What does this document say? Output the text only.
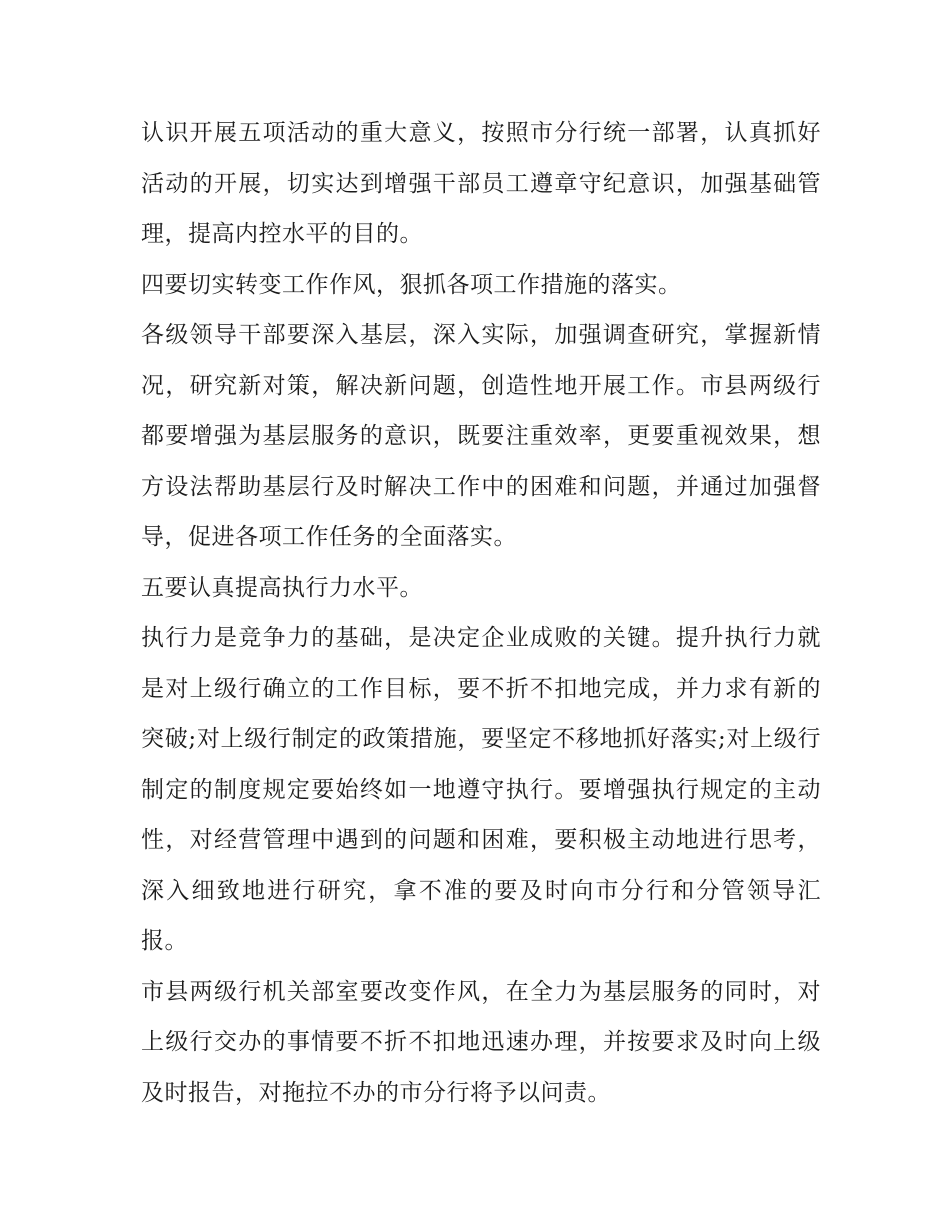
认识开展五项活动的重大意义，按照市分行统一部署，认真抓好活动的开展，切实达到增强干部员工遵章守纪意识，加强基础管理，提高内控水平的目的。

四要切实转变工作作风，狠抓各项工作措施的落实。

各级领导干部要深入基层，深入实际，加强调查研究，掌握新情况，研究新对策，解决新问题，创造性地开展工作。市县两级行都要增强为基层服务的意识，既要注重效率，更要重视效果，想方设法帮助基层行及时解决工作中的困难和问题，并通过加强督导，促进各项工作任务的全面落实。

五要认真提高执行力水平。

执行力是竞争力的基础，是决定企业成败的关键。提升执行力就是对上级行确立的工作目标，要不折不扣地完成，并力求有新的突破;对上级行制定的政策措施，要坚定不移地抓好落实;对上级行制定的制度规定要始终如一地遵守执行。要增强执行规定的主动性，对经营管理中遇到的问题和困难，要积极主动地进行思考，深入细致地进行研究，拿不准的要及时向市分行和分管领导汇报。

市县两级行机关部室要改变作风，在全力为基层服务的同时，对上级行交办的事情要不折不扣地迅速办理，并按要求及时向上级及时报告，对拖拉不办的市分行将予以问责。
